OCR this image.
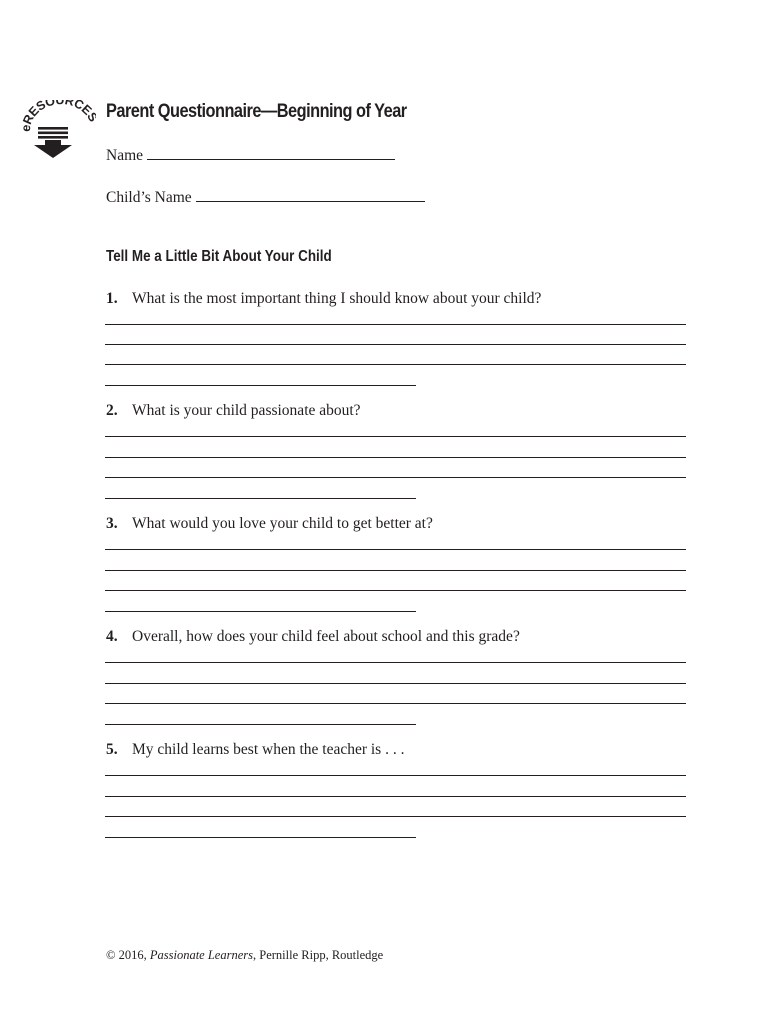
ESOURCE Parent Questionnaire—Beginning of Year
Name
Child’s Name
Tell Me a Little Bit About Your Child
1. What is the most important thing I should know about your child?
2. What is your child passionate about?
3. What would you love your child to get better at?
4. Overall, how does your child feel about school and this grade?
5. My child learns best when the teacher is . . .
© 2016, Passionate Learners, Pernille Ripp, Routledge
